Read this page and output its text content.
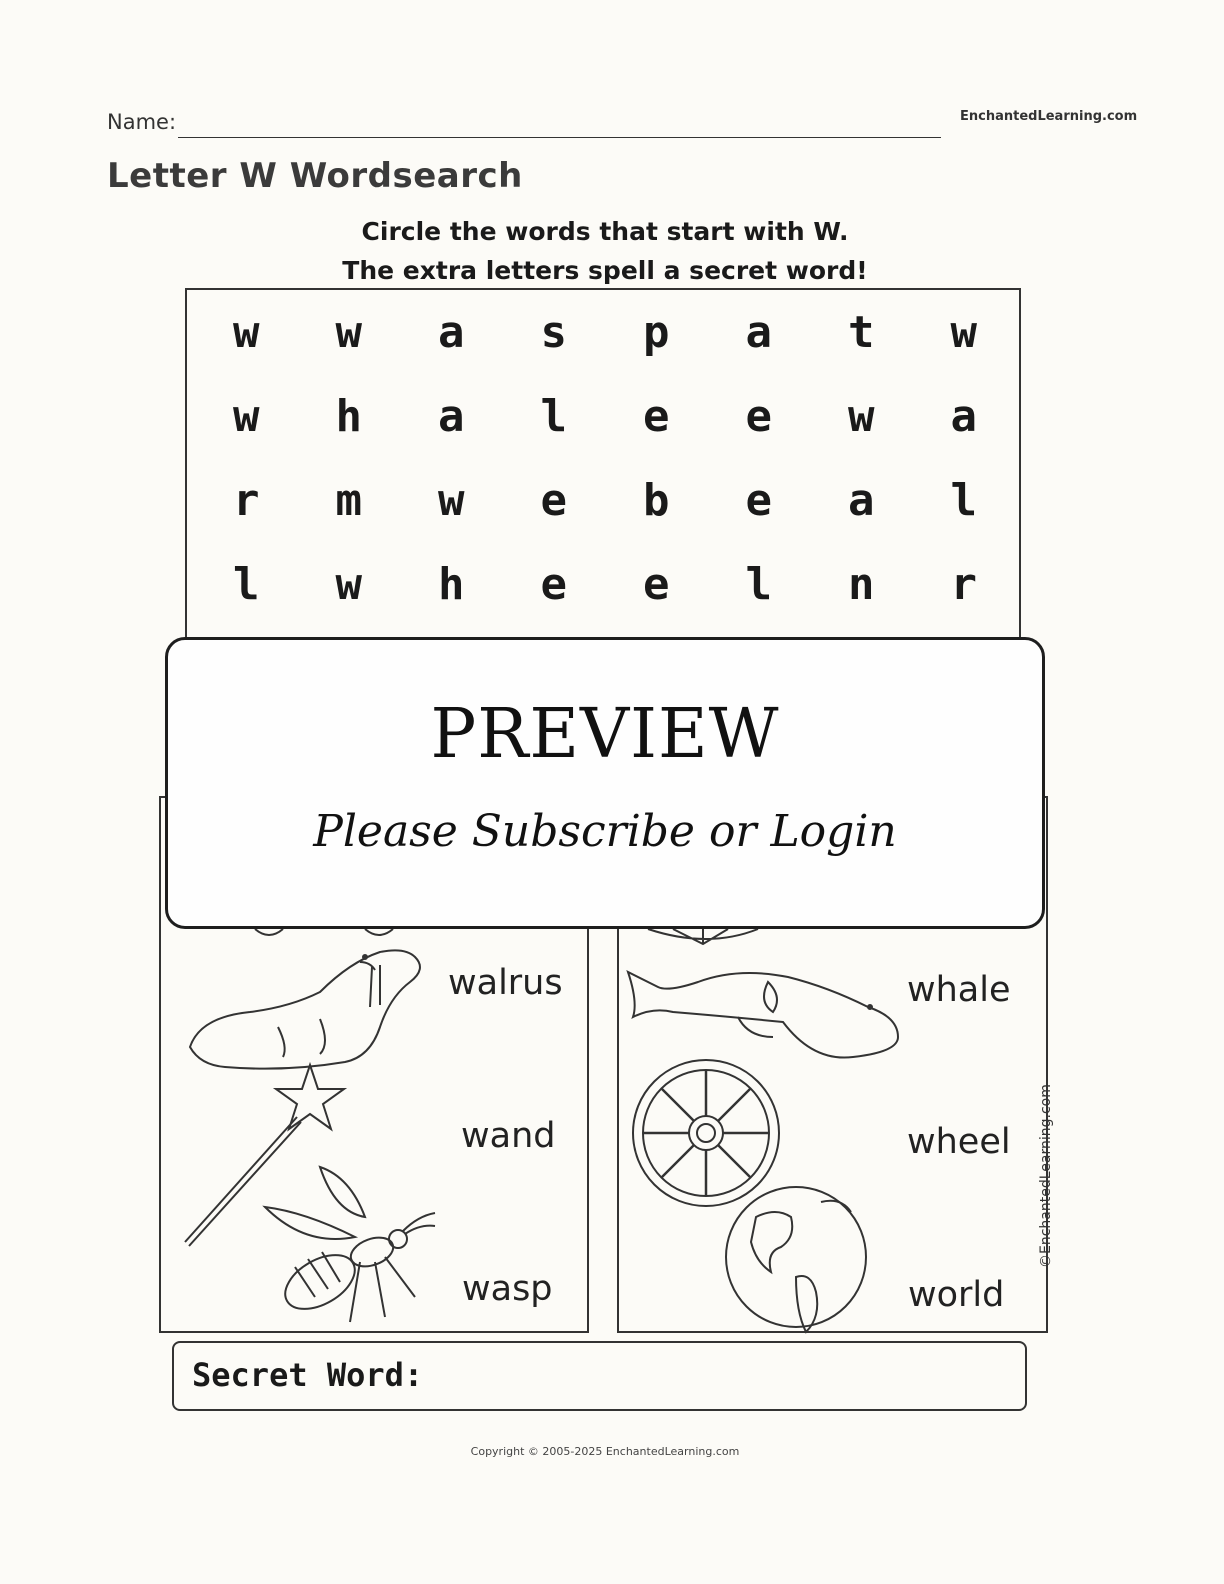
Name:	EnchantedLearning.com
Letter W Wordsearch
Circle the words that start with W.
The extra letters spell a secret word!
w	w	a	s	p	a	t	w
w	h	a	l	e	e	w	a
r	m	w	e	b	e	a	l
l	w	h	e	e	l	n	r
walrus
wand
wasp
whale
wheel
world
©EnchantedLearning.com
Secret Word:
PREVIEW
Please Subscribe or Login
Copyright © 2005-2025 EnchantedLearning.com
